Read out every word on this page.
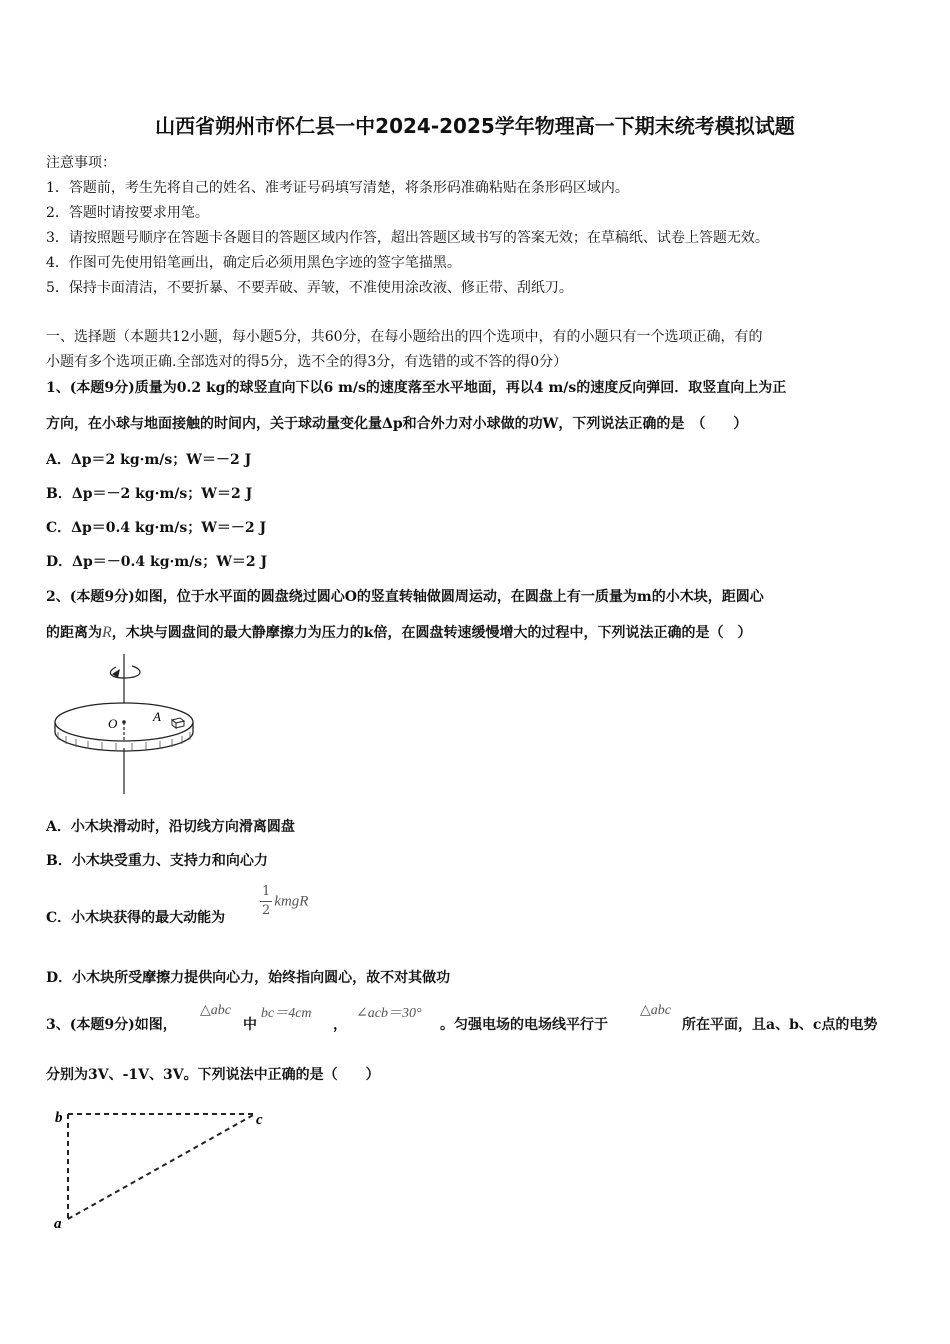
山西省朔州市怀仁县一中2024-2025学年物理高一下期末统考模拟试题
注意事项：
1．答题前，考生先将自己的姓名、准考证号码填写清楚，将条形码准确粘贴在条形码区域内。
2．答题时请按要求用笔。
3．请按照题号顺序在答题卡各题目的答题区域内作答，超出答题区域书写的答案无效；在草稿纸、试卷上答题无效。
4．作图可先使用铅笔画出，确定后必须用黑色字迹的签字笔描黑。
5．保持卡面清洁，不要折暴、不要弄破、弄皱，不准使用涂改液、修正带、刮纸刀。
一、选择题（本题共12小题，每小题5分，共60分，在每小题给出的四个选项中，有的小题只有一个选项正确，有的
小题有多个选项正确.全部选对的得5分，选不全的得3分，有选错的或不答的得0分）
1、(本题9分)质量为0.2 kg的球竖直向下以6 m/s的速度落至水平地面，再以4 m/s的速度反向弹回．取竖直向上为正
方向，在小球与地面接触的时间内，关于球动量变化量Δp和合外力对小球做的功W，下列说法正确的是　（　　）
A．Δp＝2 kg·m/s；W＝－2 J
B．Δp＝－2 kg·m/s；W＝2 J
C．Δp＝0.4 kg·m/s；W＝－2 J
D．Δp＝－0.4 kg·m/s；W＝2 J
2、(本题9分)如图，位于水平面的圆盘绕过圆心O的竖直转轴做圆周运动，在圆盘上有一质量为m的小木块，距圆心
的距离为R，木块与圆盘间的最大静摩擦力为压力的k倍，在圆盘转速缓慢增大的过程中，下列说法正确的是（　）
O	A
A．小木块滑动时，沿切线方向滑离圆盘
B．小木块受重力、支持力和向心力
C．小木块获得的最大动能为	$\frac{1}{2}$ kmgR
D．小木块所受摩擦力提供向心力，始终指向圆心，故不对其做功
3、(本题9分)如图，
△abc
中
bc＝4cm
，
∠acb＝30°
。匀强电场的电场线平行于
△abc
所在平面，且a、b、c点的电势
分别为3V、-1V、3V。下列说法中正确的是（　　）
b	c
a
